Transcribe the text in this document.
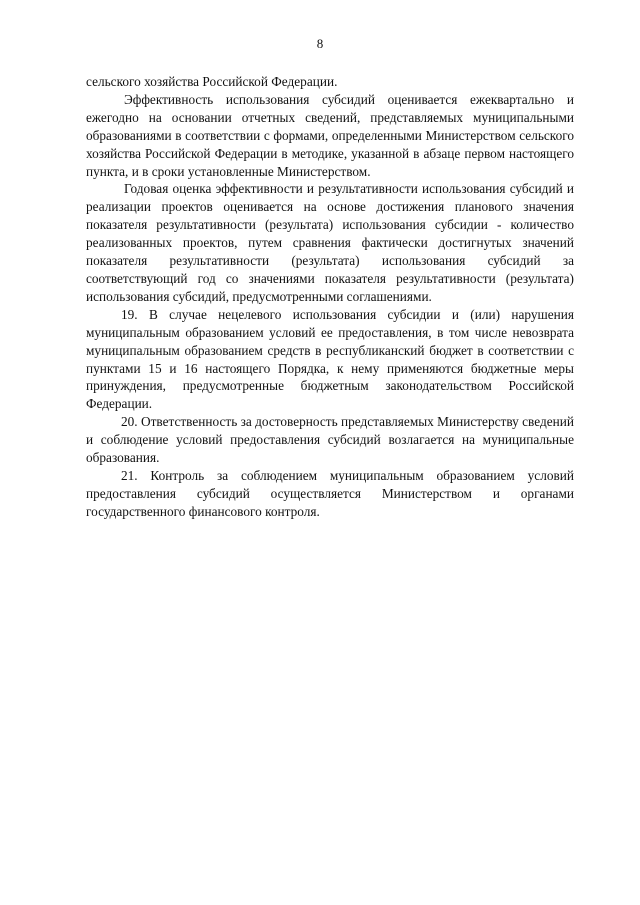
8

сельского хозяйства Российской Федерации.

Эффективность использования субсидий оценивается ежеквартально и ежегодно на основании отчетных сведений, представляемых муниципальными образованиями в соответствии с формами, определенными Министерством сельского хозяйства Российской Федерации в методике, указанной в абзаце первом настоящего пункта, и в сроки установленные Министерством.

Годовая оценка эффективности и результативности использования субсидий и реализации проектов оценивается на основе достижения планового значения показателя результативности (результата) использования субсидии - количество реализованных проектов, путем сравнения фактически достигнутых значений показателя результативности (результата) использования субсидий за соответствующий год со значениями показателя результативности (результата) использования субсидий, предусмотренными соглашениями.

19. В случае нецелевого использования субсидии и (или) нарушения муниципальным образованием условий ее предоставления, в том числе невозврата муниципальным образованием средств в республиканский бюджет в соответствии с пунктами 15 и 16 настоящего Порядка, к нему применяются бюджетные меры принуждения, предусмотренные бюджетным законодательством Российской Федерации.

20. Ответственность за достоверность представляемых Министерству сведений и соблюдение условий предоставления субсидий возлагается на муниципальные образования.

21. Контроль за соблюдением муниципальным образованием условий предоставления субсидий осуществляется Министерством и органами государственного финансового контроля.
